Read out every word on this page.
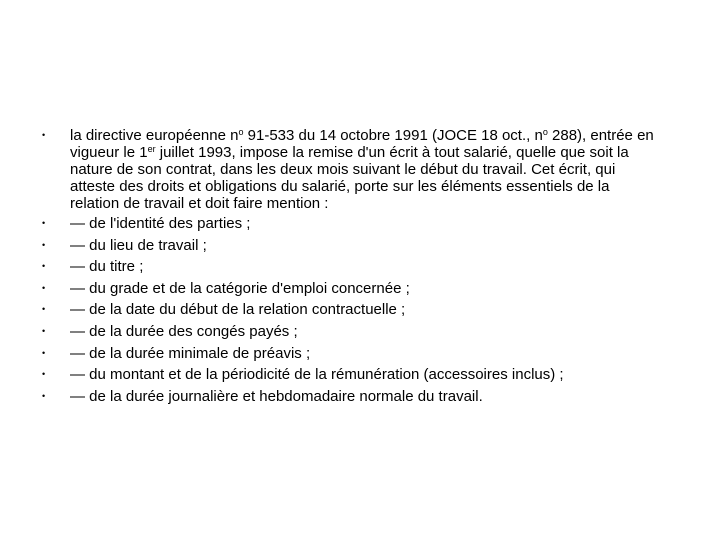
• la directive européenne $n^o$ 91-533 du 14 octobre 1991 (JOCE 18 oct., $n^o$ 288), entrée en vigueur le 1er juillet 1993, impose la remise d'un écrit à tout salarié, quelle que soit la nature de son contrat, dans les deux mois suivant le début du travail. Cet écrit, qui atteste des droits et obligations du salarié, porte sur les éléments essentiels de la relation de travail et doit faire mention :
• — de l'identité des parties ;
• — du lieu de travail ;
• — du titre ;
• — du grade et de la catégorie d'emploi concernée ;
• — de la date du début de la relation contractuelle ;
• — de la durée des congés payés ;
• — de la durée minimale de préavis ;
• — du montant et de la périodicité de la rémunération (accessoires inclus) ;
• — de la durée journalière et hebdomadaire normale du travail.
